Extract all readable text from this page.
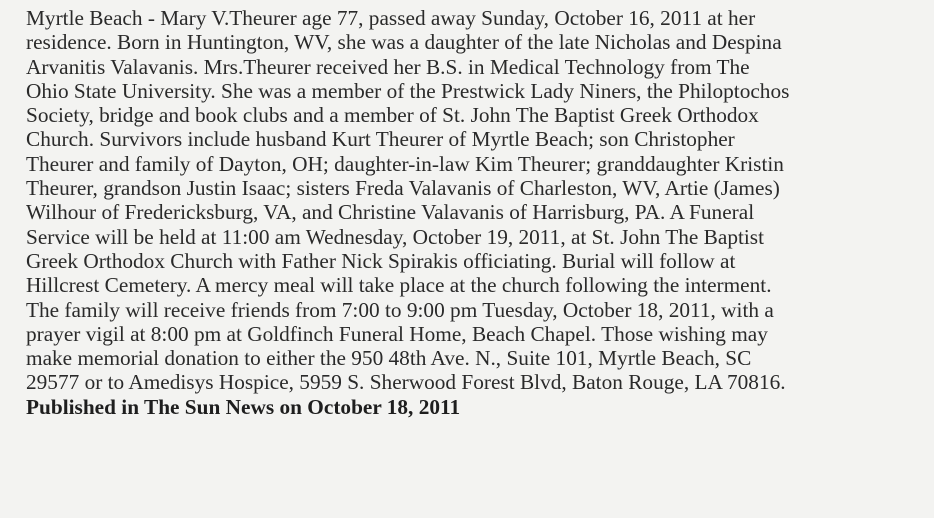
Myrtle Beach - Mary V.Theurer age 77, passed away Sunday, October 16, 2011 at her
residence. Born in Huntington, WV, she was a daughter of the late Nicholas and Despina
Arvanitis Valavanis. Mrs.Theurer received her B.S. in Medical Technology from The
Ohio State University. She was a member of the Prestwick Lady Niners, the Philoptochos
Society, bridge and book clubs and a member of St. John The Baptist Greek Orthodox
Church. Survivors include husband Kurt Theurer of Myrtle Beach; son Christopher
Theurer and family of Dayton, OH; daughter-in-law Kim Theurer; granddaughter Kristin
Theurer, grandson Justin Isaac; sisters Freda Valavanis of Charleston, WV, Artie (James)
Wilhour of Fredericksburg, VA, and Christine Valavanis of Harrisburg, PA. A Funeral
Service will be held at 11:00 am Wednesday, October 19, 2011, at St. John The Baptist
Greek Orthodox Church with Father Nick Spirakis officiating. Burial will follow at
Hillcrest Cemetery. A mercy meal will take place at the church following the interment.
The family will receive friends from 7:00 to 9:00 pm Tuesday, October 18, 2011, with a
prayer vigil at 8:00 pm at Goldfinch Funeral Home, Beach Chapel. Those wishing may
make memorial donation to either the 950 48th Ave. N., Suite 101, Myrtle Beach, SC
29577 or to Amedisys Hospice, 5959 S. Sherwood Forest Blvd, Baton Rouge, LA 70816.
Published in The Sun News on October 18, 2011
